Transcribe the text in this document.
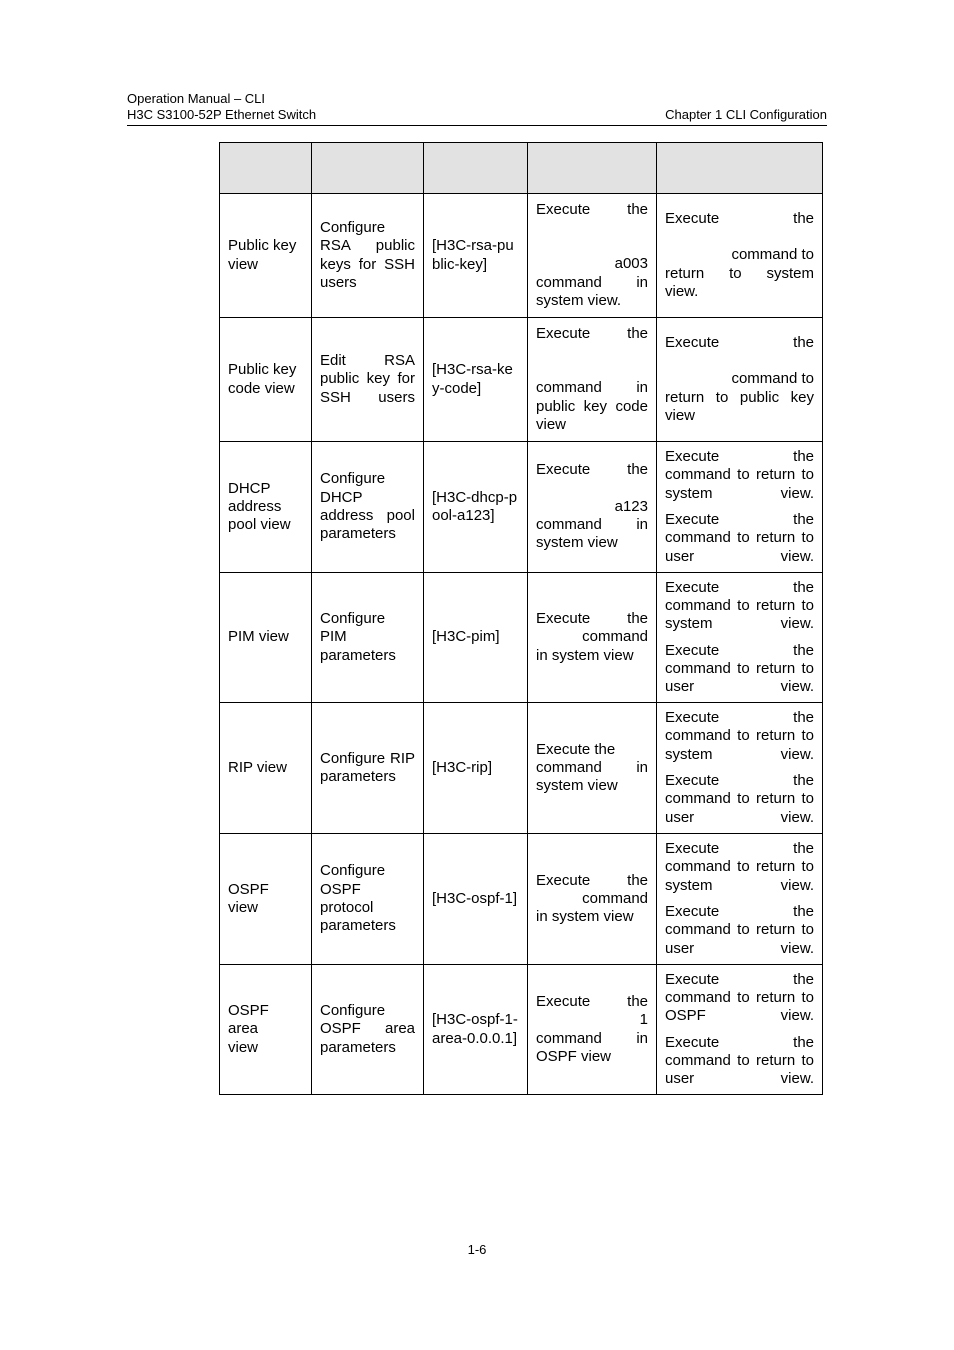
Operation Manual – CLI
H3C S3100-52P Ethernet Switch	Chapter 1 CLI Configuration

Public key view	Configure RSA public keys for SSH users	[H3C-rsa-public-key]	Execute the
a003
command in
system view.	Execute the
command to
return to system
view.

Public key code view	Edit RSA public key for SSH users	[H3C-rsa-key-code]	Execute the
command in
public key code
view	Execute the
command to
return to public key
view

DHCP address pool view	Configure DHCP address pool parameters	[H3C-dhcp-pool-a123]	Execute the
a123
command in
system view	Execute the command to return to system view.
Execute the command to return to user view.

PIM view	Configure PIM parameters	[H3C-pim]	Execute the
command
in system view	Execute the command to return to system view.
Execute the command to return to user view.

RIP view	Configure RIP parameters	[H3C-rip]	Execute the
command in
system view	Execute the command to return to system view.
Execute the command to return to user view.

OSPF view	Configure OSPF protocol parameters	[H3C-ospf-1]	Execute the
command
in system view	Execute the command to return to system view.
Execute the command to return to user view.

OSPF area view	Configure OSPF area parameters	[H3C-ospf-1-area-0.0.0.1]	Execute the
1
command in
OSPF view	Execute the command to return to OSPF view.
Execute the command to return to user view.
1-6
